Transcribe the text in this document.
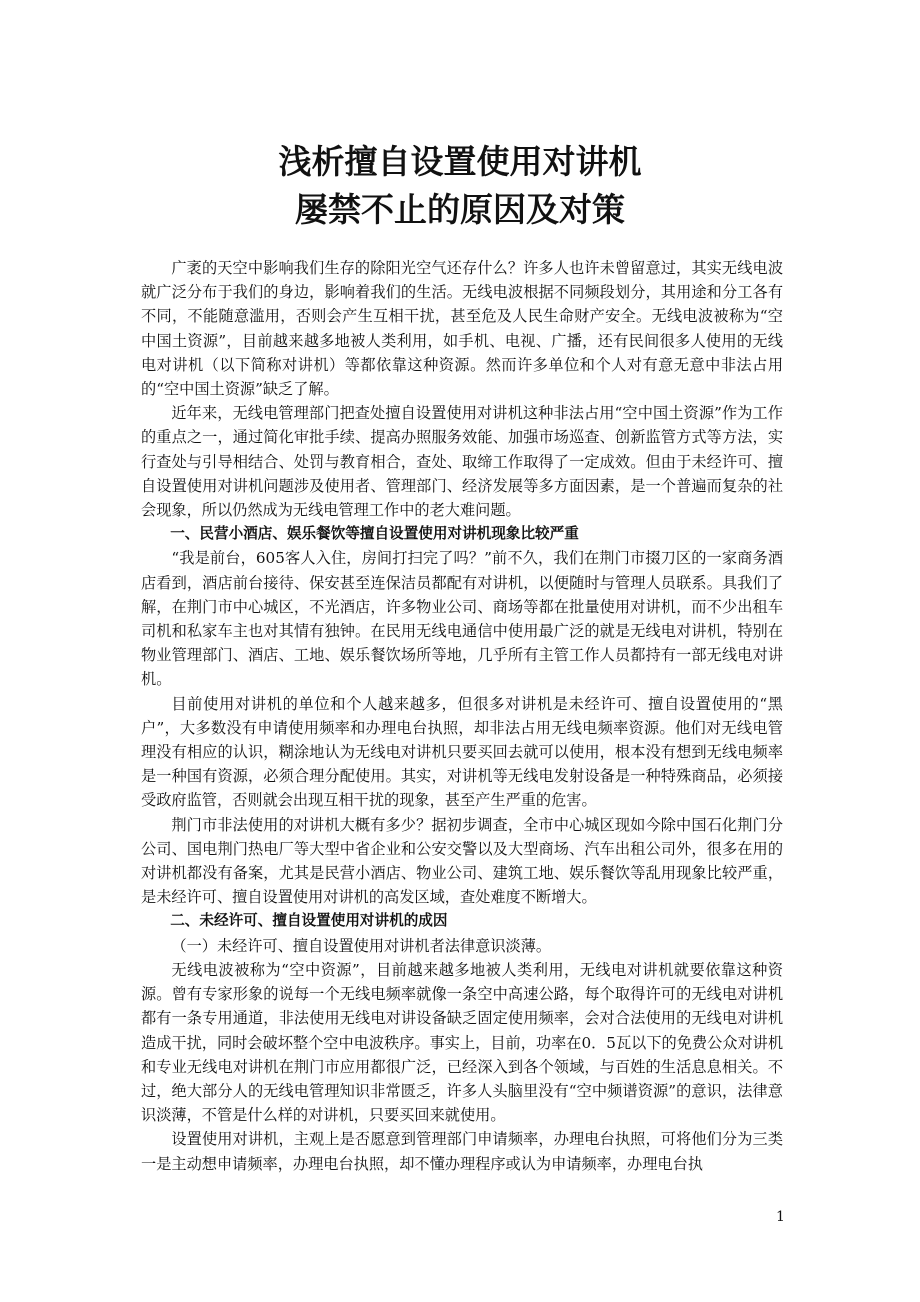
浅析擅自设置使用对讲机
屡禁不止的原因及对策

广袤的天空中影响我们生存的除阳光空气还存什么？许多人也许未曾留意过，其实无线电波就广泛分布于我们的身边，影响着我们的生活。无线电波根据不同频段划分，其用途和分工各有不同，不能随意滥用，否则会产生互相干扰，甚至危及人民生命财产安全。无线电波被称为“空中国土资源”，目前越来越多地被人类利用，如手机、电视、广播，还有民间很多人使用的无线电对讲机（以下简称对讲机）等都依靠这种资源。然而许多单位和个人对有意无意中非法占用的“空中国土资源”缺乏了解。

近年来，无线电管理部门把查处擅自设置使用对讲机这种非法占用“空中国土资源”作为工作的重点之一，通过简化审批手续、提高办照服务效能、加强市场巡查、创新监管方式等方法，实行查处与引导相结合、处罚与教育相合，查处、取缔工作取得了一定成效。但由于未经许可、擅自设置使用对讲机问题涉及使用者、管理部门、经济发展等多方面因素，是一个普遍而复杂的社会现象，所以仍然成为无线电管理工作中的老大难问题。

一、民营小酒店、娱乐餐饮等擅自设置使用对讲机现象比较严重

“我是前台，605客人入住，房间打扫完了吗？”前不久，我们在荆门市掇刀区的一家商务酒店看到，酒店前台接待、保安甚至连保洁员都配有对讲机，以便随时与管理人员联系。具我们了解，在荆门市中心城区，不光酒店，许多物业公司、商场等都在批量使用对讲机，而不少出租车司机和私家车主也对其情有独钟。在民用无线电通信中使用最广泛的就是无线电对讲机，特别在物业管理部门、酒店、工地、娱乐餐饮场所等地，几乎所有主管工作人员都持有一部无线电对讲机。

目前使用对讲机的单位和个人越来越多，但很多对讲机是未经许可、擅自设置使用的“黑户”，大多数没有申请使用频率和办理电台执照，却非法占用无线电频率资源。他们对无线电管理没有相应的认识，糊涂地认为无线电对讲机只要买回去就可以使用，根本没有想到无线电频率是一种国有资源，必须合理分配使用。其实，对讲机等无线电发射设备是一种特殊商品，必须接受政府监管，否则就会出现互相干扰的现象，甚至产生严重的危害。

荆门市非法使用的对讲机大概有多少？据初步调查，全市中心城区现如今除中国石化荆门分公司、国电荆门热电厂等大型中省企业和公安交警以及大型商场、汽车出租公司外，很多在用的对讲机都没有备案，尤其是民营小酒店、物业公司、建筑工地、娱乐餐饮等乱用现象比较严重，是未经许可、擅自设置使用对讲机的高发区域，查处难度不断增大。

二、未经许可、擅自设置使用对讲机的成因

（一）未经许可、擅自设置使用对讲机者法律意识淡薄。

无线电波被称为“空中资源”，目前越来越多地被人类利用，无线电对讲机就要依靠这种资源。曾有专家形象的说每一个无线电频率就像一条空中高速公路，每个取得许可的无线电对讲机都有一条专用通道，非法使用无线电对讲设备缺乏固定使用频率，会对合法使用的无线电对讲机造成干扰，同时会破坏整个空中电波秩序。事实上，目前，功率在0．5瓦以下的免费公众对讲机和专业无线电对讲机在荆门市应用都很广泛，已经深入到各个领域，与百姓的生活息息相关。不过，绝大部分人的无线电管理知识非常匮乏，许多人头脑里没有“空中频谱资源”的意识，法律意识淡薄，不管是什么样的对讲机，只要买回来就使用。

设置使用对讲机，主观上是否愿意到管理部门申请频率，办理电台执照，可将他们分为三类 一是主动想申请频率，办理电台执照，却不懂办理程序或认为申请频率，办理电台执

1
